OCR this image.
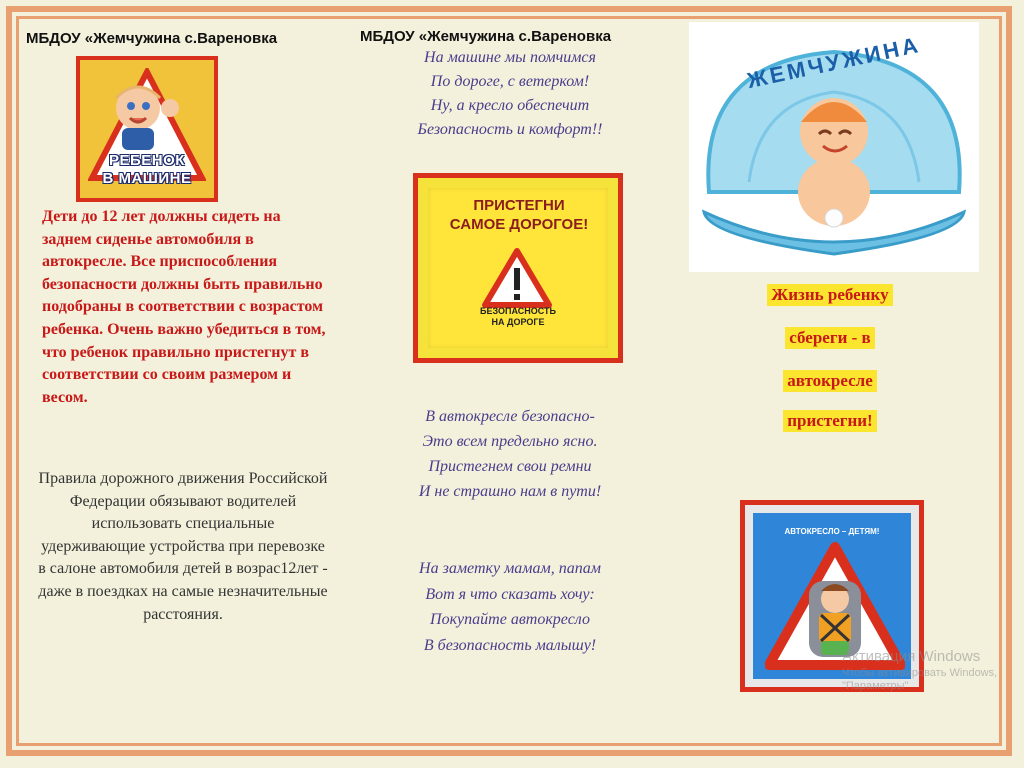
МБДОУ «Жемчужина с.Вареновка	МБДОУ «Жемчужина с.Вареновка
РЕБЕНОК
В МАШИНЕ
Дети до 12 лет должны сидеть на заднем сиденье автомобиля в автокресле. Все приспособления безопасности должны быть правильно подобраны в соответствии с возрастом ребенка. Очень важно убедиться в том, что ребенок правильно пристегнут в соответствии со своим размером и весом.
Правила дорожного движения Российской Федерации обязывают водителей использовать специальные удерживающие устройства при перевозке в салоне автомобиля детей в возрас12лет - даже в поездках на самые незначительные расстояния.
На машине мы помчимся
По дороге, с ветерком!
Ну, а кресло обеспечит
Безопасность и комфорт!!
ПРИСТЕГНИ
САМОЕ ДОРОГОЕ!
БЕЗОПАСНОСТЬ
НА ДОРОГЕ
В автокресле безопасно-
Это всем предельно ясно.
Пристегнем свои ремни
И не страшно нам в пути!
На заметку мамам, папам
Вот я что сказать хочу:
Покупайте автокресло
В безопасность малышу!
ЖЕМЧУЖИНА
Жизнь ребенку
сбереги - в
автокресле
пристегни!
АВТОКРЕСЛО – ДЕТЯМ!
Активация Windows
Чтобы активировать Windows,
"Параметры"
